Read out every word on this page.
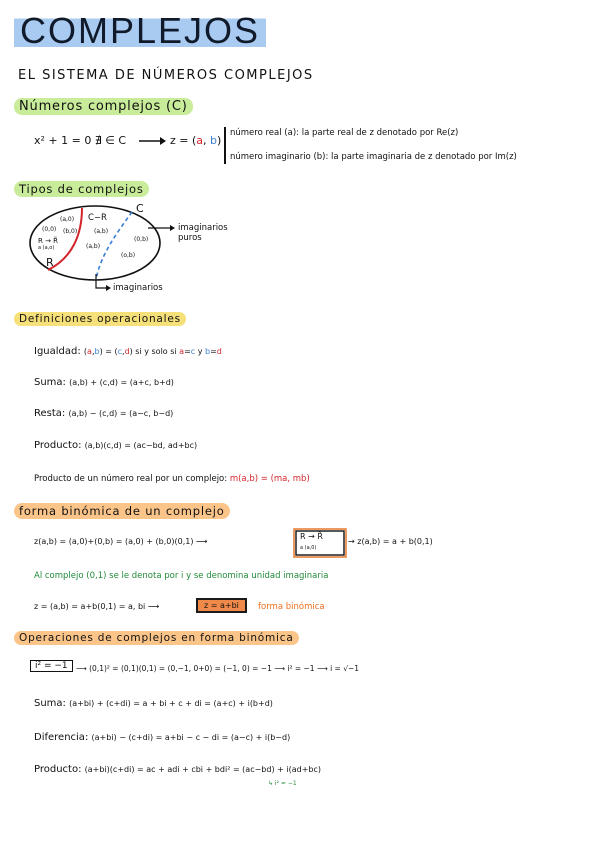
COMPLEJOS
EL SISTEMA DE NÚMEROS COMPLEJOS
Números complejos (C)
x² + 1 = 0 ∄ ∈ C	z = (a, b)
número real (a): la parte real de z denotado por Re(z)
número imaginario (b): la parte imaginaria de z denotado por Im(z)
Tipos de complejos
C
C−R
(a,0)
(0,0) (b,0)	(a,b)
(0,b)
(a,b)
(o,b)
R → R̃
a (a,o)
R
imaginarios puros
imaginarios
Definiciones operacionales
Igualdad: (a,b) = (c,d) si y solo si a=c y b=d
Suma: (a,b) + (c,d) = (a+c, b+d)
Resta: (a,b) − (c,d) = (a−c, b−d)
Producto: (a,b)(c,d) = (ac−bd, ad+bc)
Producto de un número real por un complejo: m(a,b) = (ma, mb)
forma binómica de un complejo
z(a,b) = (a,0)+(0,b) = (a,0) + (b,0)(0,1) ⟶
R → R̃
a (a,0)
→ z(a,b) = a + b(0,1)
Al complejo (0,1) se le denota por i y se denomina unidad imaginaria
z = (a,b) = a+b(0,1) = a, bi ⟶	z = a+bi	forma binómica
Operaciones de complejos en forma binómica
i² = −1	⟶ (0,1)² = (0,1)(0,1) = (0,−1, 0+0) = (−1, 0) = −1 ⟶ i² = −1 ⟶ i = √−1
Suma: (a+bi) + (c+di) = a + bi + c + di = (a+c) + i(b+d)
Diferencia: (a+bi) − (c+di) = a+bi − c − di = (a−c) + i(b−d)
Producto: (a+bi)(c+di) = ac + adi + cbi + bdi² = (ac−bd) + i(ad+bc)
↳ i² = −1
